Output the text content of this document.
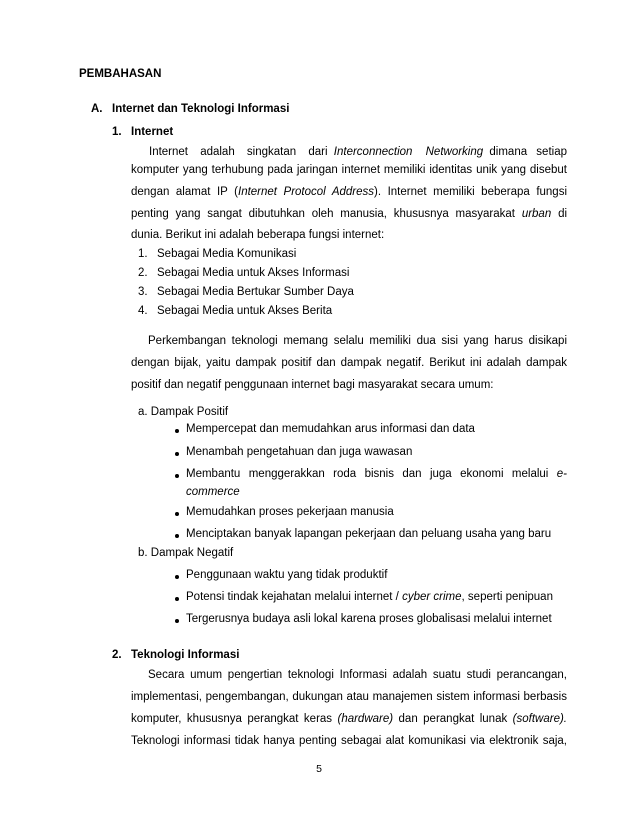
PEMBAHASAN
A. Internet dan Teknologi Informasi
1. Internet
Internet adalah singkatan dari Interconnection Networking dimana setiap
komputer yang terhubung pada jaringan internet memiliki identitas unik yang disebut
dengan alamat IP (Internet Protocol Address). Internet memiliki beberapa fungsi
penting yang sangat dibutuhkan oleh manusia, khususnya masyarakat urban di
dunia. Berikut ini adalah beberapa fungsi internet:
1. Sebagai Media Komunikasi
2. Sebagai Media untuk Akses Informasi
3. Sebagai Media Bertukar Sumber Daya
4. Sebagai Media untuk Akses Berita
Perkembangan teknologi memang selalu memiliki dua sisi yang harus disikapi
dengan bijak, yaitu dampak positif dan dampak negatif. Berikut ini adalah dampak
positif dan negatif penggunaan internet bagi masyarakat secara umum:
a. Dampak Positif
Mempercepat dan memudahkan arus informasi dan data
Menambah pengetahuan dan juga wawasan
Membantu menggerakkan roda bisnis dan juga ekonomi melalui e-
commerce
Memudahkan proses pekerjaan manusia
Menciptakan banyak lapangan pekerjaan dan peluang usaha yang baru
b. Dampak Negatif
Penggunaan waktu yang tidak produktif
Potensi tindak kejahatan melalui internet / cyber crime, seperti penipuan
Tergerusnya budaya asli lokal karena proses globalisasi melalui internet
2. Teknologi Informasi
Secara umum pengertian teknologi Informasi adalah suatu studi perancangan,
implementasi, pengembangan, dukungan atau manajemen sistem informasi berbasis
komputer, khususnya perangkat keras (hardware) dan perangkat lunak (software).
Teknologi informasi tidak hanya penting sebagai alat komunikasi via elektronik saja,
5
